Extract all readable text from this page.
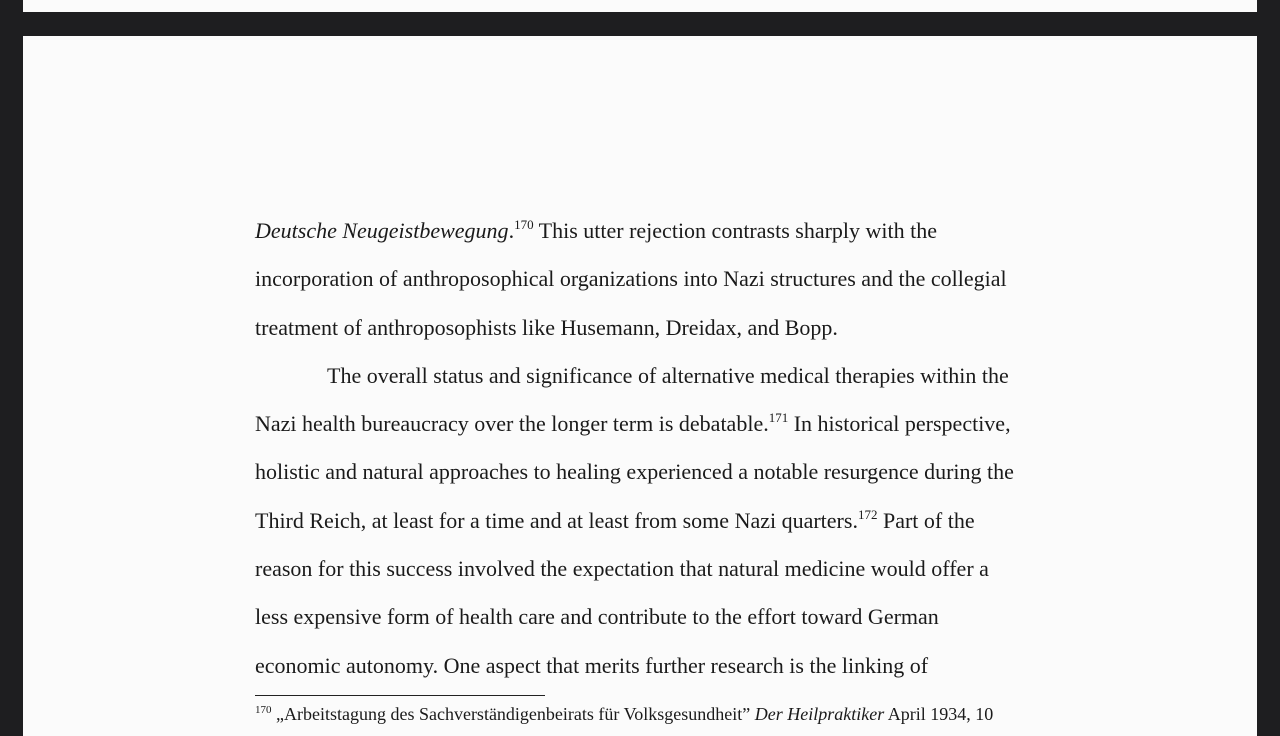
Deutsche Neugeistbewegung.$^{170}$ This utter rejection contrasts sharply with the
incorporation of anthroposophical organizations into Nazi structures and the collegial
treatment of anthroposophists like Husemann, Dreidax, and Bopp.
The overall status and significance of alternative medical therapies within the
Nazi health bureaucracy over the longer term is debatable.$^{171}$ In historical perspective,
holistic and natural approaches to healing experienced a notable resurgence during the
Third Reich, at least for a time and at least from some Nazi quarters.$^{172}$ Part of the
reason for this success involved the expectation that natural medicine would offer a
less expensive form of health care and contribute to the effort toward German
economic autonomy. One aspect that merits further research is the linking of
$^{170}$ „Arbeitstagung des Sachverständigenbeirats für Volksgesundheit” Der Heilpraktiker April 1934, 10
